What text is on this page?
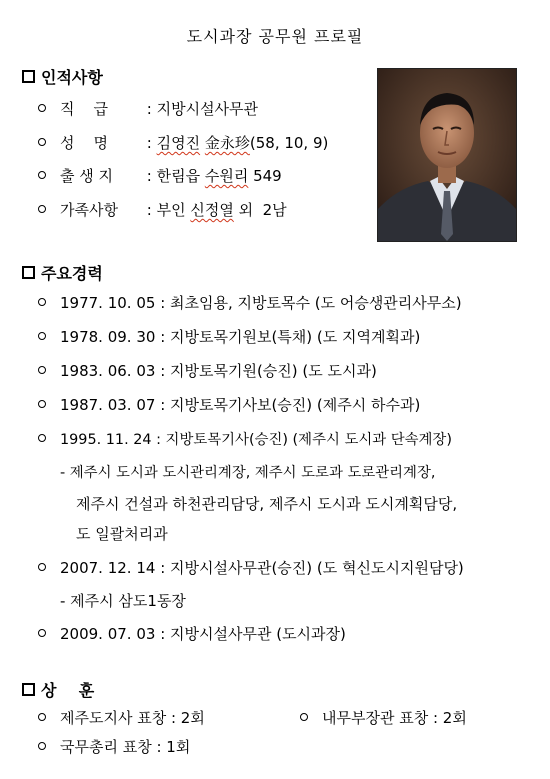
도시과장 공무원 프로필
인적사항
직    급 : 지방시설사무관
성    명 : 김영진 金永珍(58, 10, 9)
출 생 지 : 한림읍 수원리 549
가족사항 : 부인 신정열 외  2남
주요경력
1977. 10. 05 : 최초임용, 지방토목수 (도 어승생관리사무소)
1978. 09. 30 : 지방토목기원보(특채) (도 지역계획과)
1983. 06. 03 : 지방토목기원(승진) (도 도시과)
1987. 03. 07 : 지방토목기사보(승진) (제주시 하수과)
1995. 11. 24 : 지방토목기사(승진) (제주시 도시과 단속계장)
- 제주시 도시과 도시관리계장, 제주시 도로과 도로관리계장,
제주시 건설과 하천관리담당, 제주시 도시과 도시계획담당,
도 일괄처리과
2007. 12. 14 : 지방시설사무관(승진) (도 혁신도시지원담당)
- 제주시 삼도1동장
2009. 07. 03 : 지방시설사무관 (도시과장)
상    훈
제주도지사 표창 : 2회	내무부장관 표창 : 2회
국무총리 표창 : 1회
